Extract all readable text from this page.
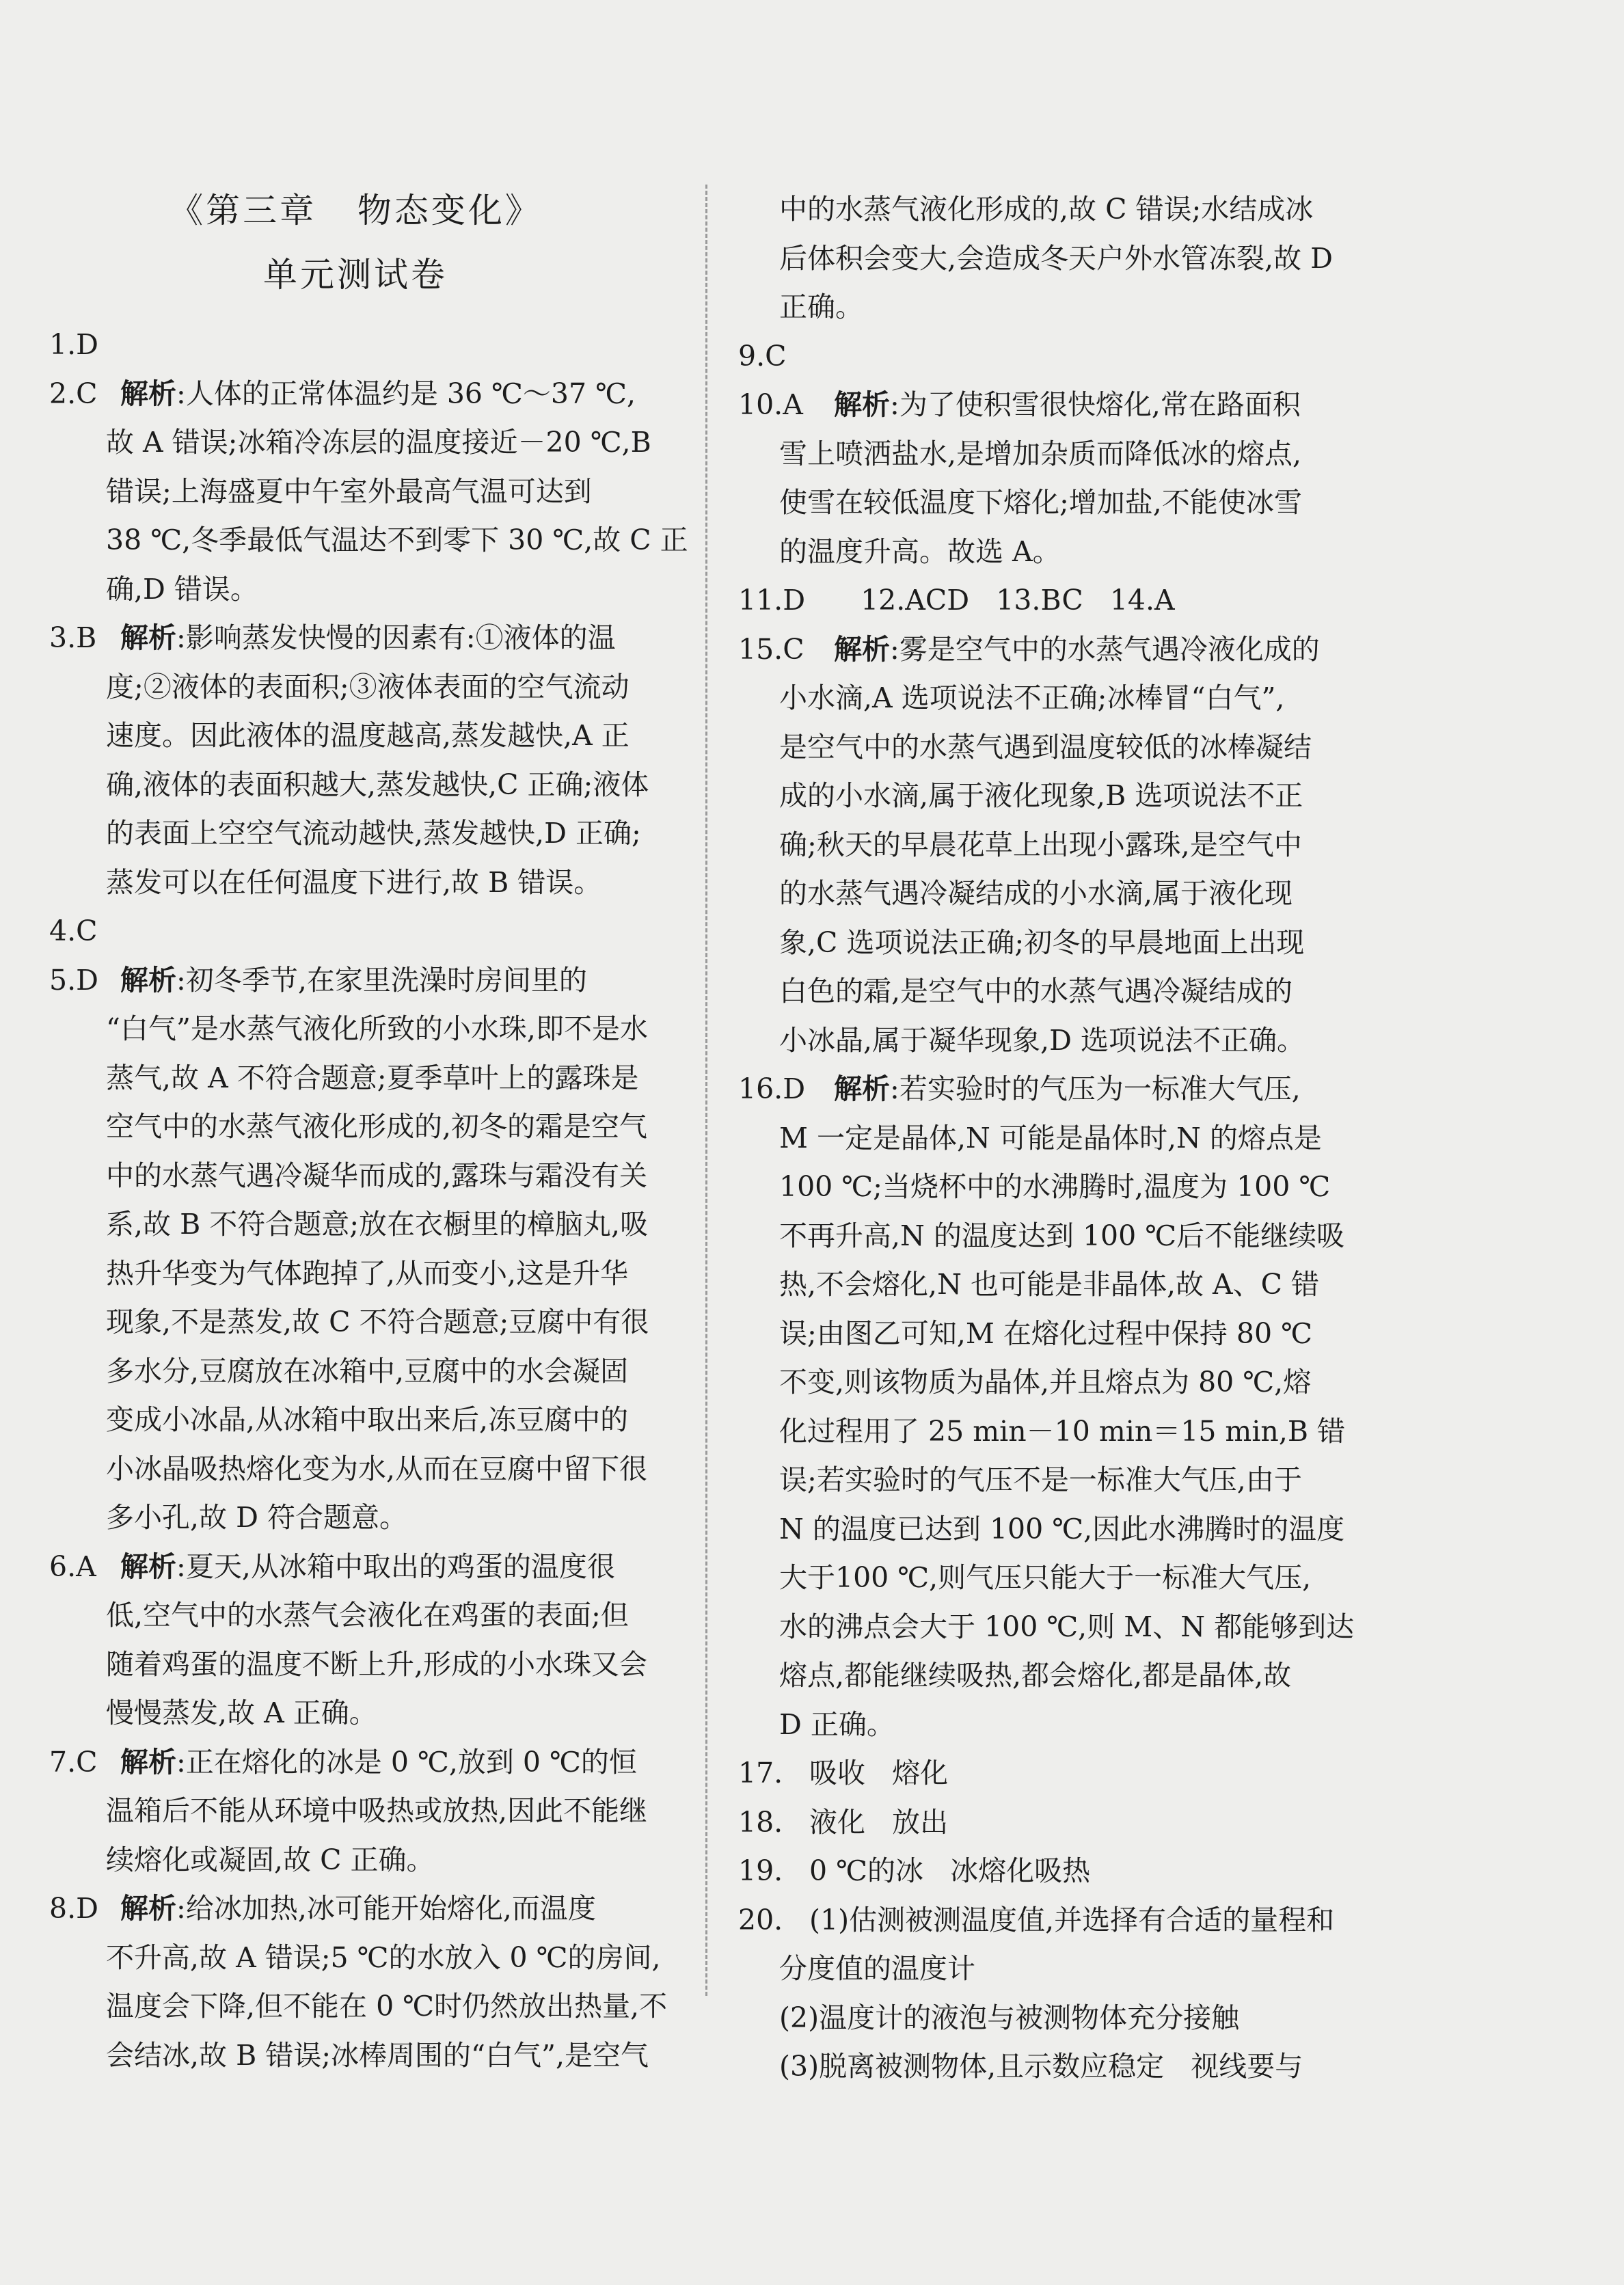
《第三章   物态变化》
单元测试卷
1.D
2.C 解析:人体的正常体温约是 36 ℃～37 ℃,
故 A 错误;冰箱冷冻层的温度接近－20 ℃,B
错误;上海盛夏中午室外最高气温可达到
38 ℃,冬季最低气温达不到零下 30 ℃,故 C 正
确,D 错误。
3.B 解析:影响蒸发快慢的因素有:①液体的温
度;②液体的表面积;③液体表面的空气流动
速度。因此液体的温度越高,蒸发越快,A 正
确,液体的表面积越大,蒸发越快,C 正确;液体
的表面上空空气流动越快,蒸发越快,D 正确;
蒸发可以在任何温度下进行,故 B 错误。
4.C
5.D 解析:初冬季节,在家里洗澡时房间里的
“白气”是水蒸气液化所致的小水珠,即不是水
蒸气,故 A 不符合题意;夏季草叶上的露珠是
空气中的水蒸气液化形成的,初冬的霜是空气
中的水蒸气遇冷凝华而成的,露珠与霜没有关
系,故 B 不符合题意;放在衣橱里的樟脑丸,吸
热升华变为气体跑掉了,从而变小,这是升华
现象,不是蒸发,故 C 不符合题意;豆腐中有很
多水分,豆腐放在冰箱中,豆腐中的水会凝固
变成小冰晶,从冰箱中取出来后,冻豆腐中的
小冰晶吸热熔化变为水,从而在豆腐中留下很
多小孔,故 D 符合题意。
6.A 解析:夏天,从冰箱中取出的鸡蛋的温度很
低,空气中的水蒸气会液化在鸡蛋的表面;但
随着鸡蛋的温度不断上升,形成的小水珠又会
慢慢蒸发,故 A 正确。
7.C 解析:正在熔化的冰是 0 ℃,放到 0 ℃的恒
温箱后不能从环境中吸热或放热,因此不能继
续熔化或凝固,故 C 正确。
8.D 解析:给冰加热,冰可能开始熔化,而温度
不升高,故 A 错误;5 ℃的水放入 0 ℃的房间,
温度会下降,但不能在 0 ℃时仍然放出热量,不
会结冰,故 B 错误;冰棒周围的“白气”,是空气
中的水蒸气液化形成的,故 C 错误;水结成冰
后体积会变大,会造成冬天户外水管冻裂,故 D
正确。
9.C
10.A 解析:为了使积雪很快熔化,常在路面积
雪上喷洒盐水,是增加杂质而降低冰的熔点,
使雪在较低温度下熔化;增加盐,不能使冰雪
的温度升高。故选 A。
11.D 12.ACD   13.BC   14.A
15.C 解析:雾是空气中的水蒸气遇冷液化成的
小水滴,A 选项说法不正确;冰棒冒“白气”,
是空气中的水蒸气遇到温度较低的冰棒凝结
成的小水滴,属于液化现象,B 选项说法不正
确;秋天的早晨花草上出现小露珠,是空气中
的水蒸气遇冷凝结成的小水滴,属于液化现
象,C 选项说法正确;初冬的早晨地面上出现
白色的霜,是空气中的水蒸气遇冷凝结成的
小冰晶,属于凝华现象,D 选项说法不正确。
16.D 解析:若实验时的气压为一标准大气压,
M 一定是晶体,N 可能是晶体时,N 的熔点是
100 ℃;当烧杯中的水沸腾时,温度为 100 ℃
不再升高,N 的温度达到 100 ℃后不能继续吸
热,不会熔化,N 也可能是非晶体,故 A、C 错
误;由图乙可知,M 在熔化过程中保持 80 ℃
不变,则该物质为晶体,并且熔点为 80 ℃,熔
化过程用了 25 min－10 min＝15 min,B 错
误;若实验时的气压不是一标准大气压,由于
N 的温度已达到 100 ℃,因此水沸腾时的温度
大于100 ℃,则气压只能大于一标准大气压,
水的沸点会大于 100 ℃,则 M、N 都能够到达
熔点,都能继续吸热,都会熔化,都是晶体,故
D 正确。
17. 吸收   熔化
18. 液化   放出
19. 0 ℃的冰   冰熔化吸热
20. (1)估测被测温度值,并选择有合适的量程和
分度值的温度计
(2)温度计的液泡与被测物体充分接触
(3)脱离被测物体,且示数应稳定   视线要与
